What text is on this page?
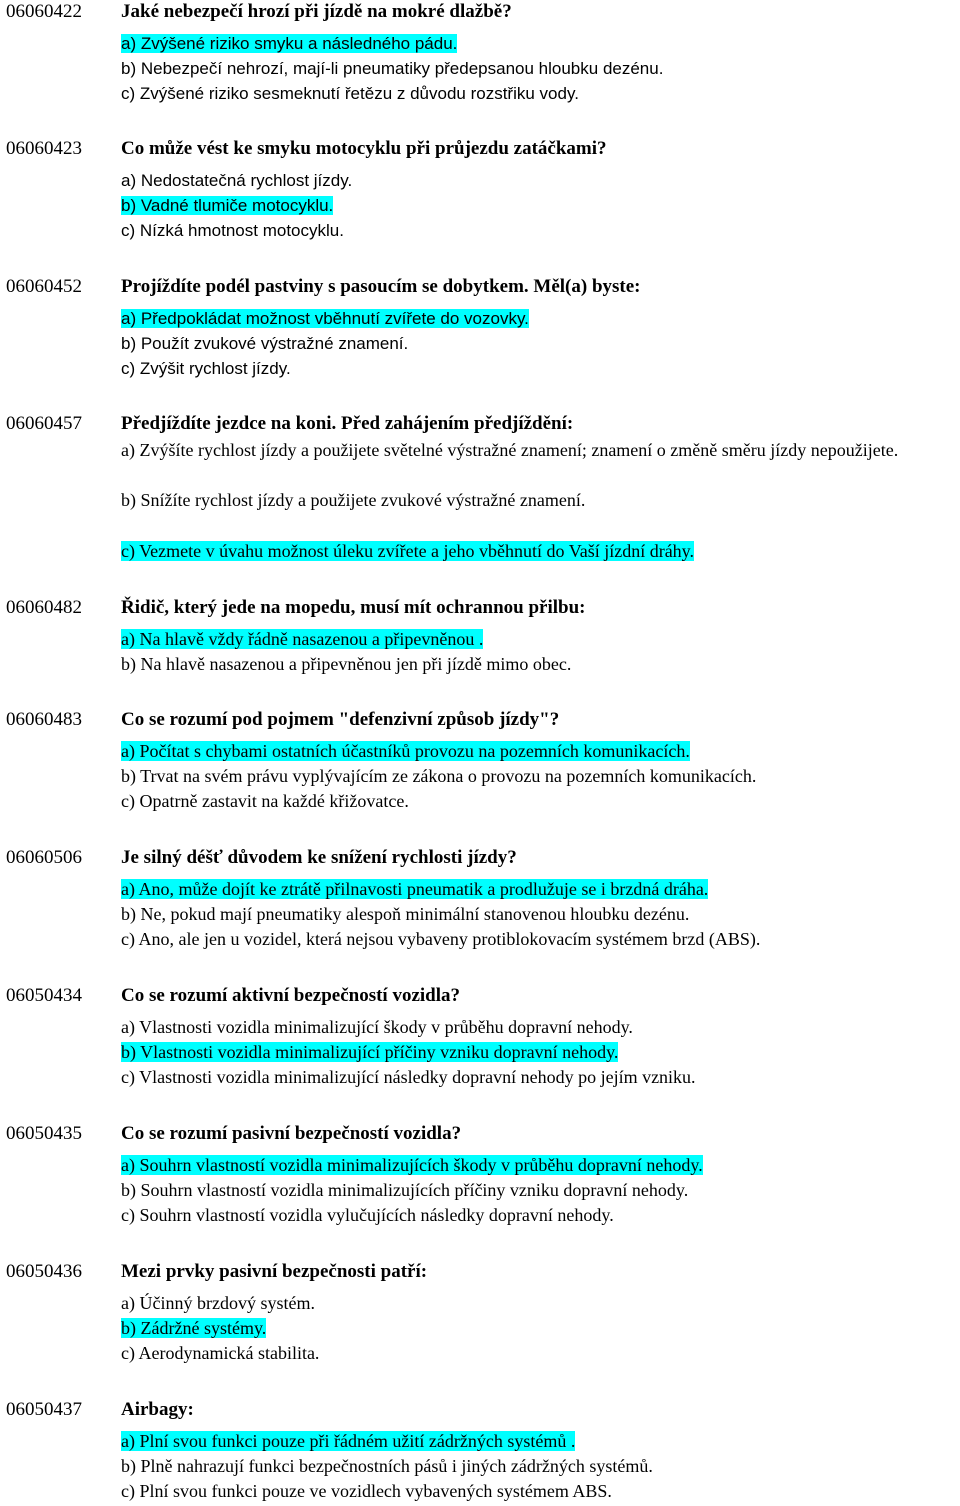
06060422 Jaké nebezpečí hrozí při jízdě na mokré dlažbě?
a) Zvýšené riziko smyku a následného pádu.
b) Nebezpečí nehrozí, mají-li pneumatiky předepsanou hloubku dezénu.
c) Zvýšené riziko sesmeknutí řetězu z důvodu rozstřiku vody.
06060423 Co může vést ke smyku motocyklu při průjezdu zatáčkami?
a) Nedostatečná rychlost jízdy.
b) Vadné tlumiče motocyklu.
c) Nízká hmotnost motocyklu.
06060452 Projíždíte podél pastviny s pasoucím se dobytkem. Měl(a) byste:
a) Předpokládat možnost vběhnutí zvířete do vozovky.
b) Použít zvukové výstražné znamení.
c) Zvýšit rychlost jízdy.
06060457 Předjíždíte jezdce na koni. Před zahájením předjíždění:
a) Zvýšíte rychlost jízdy a použijete světelné výstražné znamení; znamení o změně směru jízdy nepoužijete.
b) Snížíte rychlost jízdy a použijete zvukové výstražné znamení.
c) Vezmete v úvahu možnost úleku zvířete a jeho vběhnutí do Vaší jízdní dráhy.
06060482 Řidič, který jede na mopedu, musí mít ochrannou přilbu:
a) Na hlavě vždy řádně nasazenou a připevněnou .
b) Na hlavě nasazenou a připevněnou jen při jízdě mimo obec.
06060483 Co se rozumí pod pojmem "defenzivní způsob jízdy"?
a) Počítat s chybami ostatních účastníků provozu na pozemních komunikacích.
b) Trvat na svém právu vyplývajícím ze zákona o provozu na pozemních komunikacích.
c) Opatrně zastavit na každé křižovatce.
06060506 Je silný déšť důvodem ke snížení rychlosti jízdy?
a) Ano, může dojít ke ztrátě přilnavosti pneumatik a prodlužuje se i brzdná dráha.
b) Ne, pokud mají pneumatiky alespoň minimální stanovenou hloubku dezénu.
c) Ano, ale jen u vozidel, která nejsou vybaveny protiblokovacím systémem brzd (ABS).
06050434 Co se rozumí aktivní bezpečností vozidla?
a) Vlastnosti vozidla minimalizující škody v průběhu dopravní nehody.
b) Vlastnosti vozidla minimalizující příčiny vzniku dopravní nehody.
c) Vlastnosti vozidla minimalizující následky dopravní nehody po jejím vzniku.
06050435 Co se rozumí pasivní bezpečností vozidla?
a) Souhrn vlastností vozidla minimalizujících škody v průběhu dopravní nehody.
b) Souhrn vlastností vozidla minimalizujících příčiny vzniku dopravní nehody.
c) Souhrn vlastností vozidla vylučujících následky dopravní nehody.
06050436 Mezi prvky pasivní bezpečnosti patří:
a) Účinný brzdový systém.
b) Zádržné systémy.
c) Aerodynamická stabilita.
06050437 Airbagy:
a) Plní svou funkci pouze při řádném užití zádržných systémů .
b) Plně nahrazují funkci bezpečnostních pásů i jiných zádržných systémů.
c) Plní svou funkci pouze ve vozidlech vybavených systémem ABS.
